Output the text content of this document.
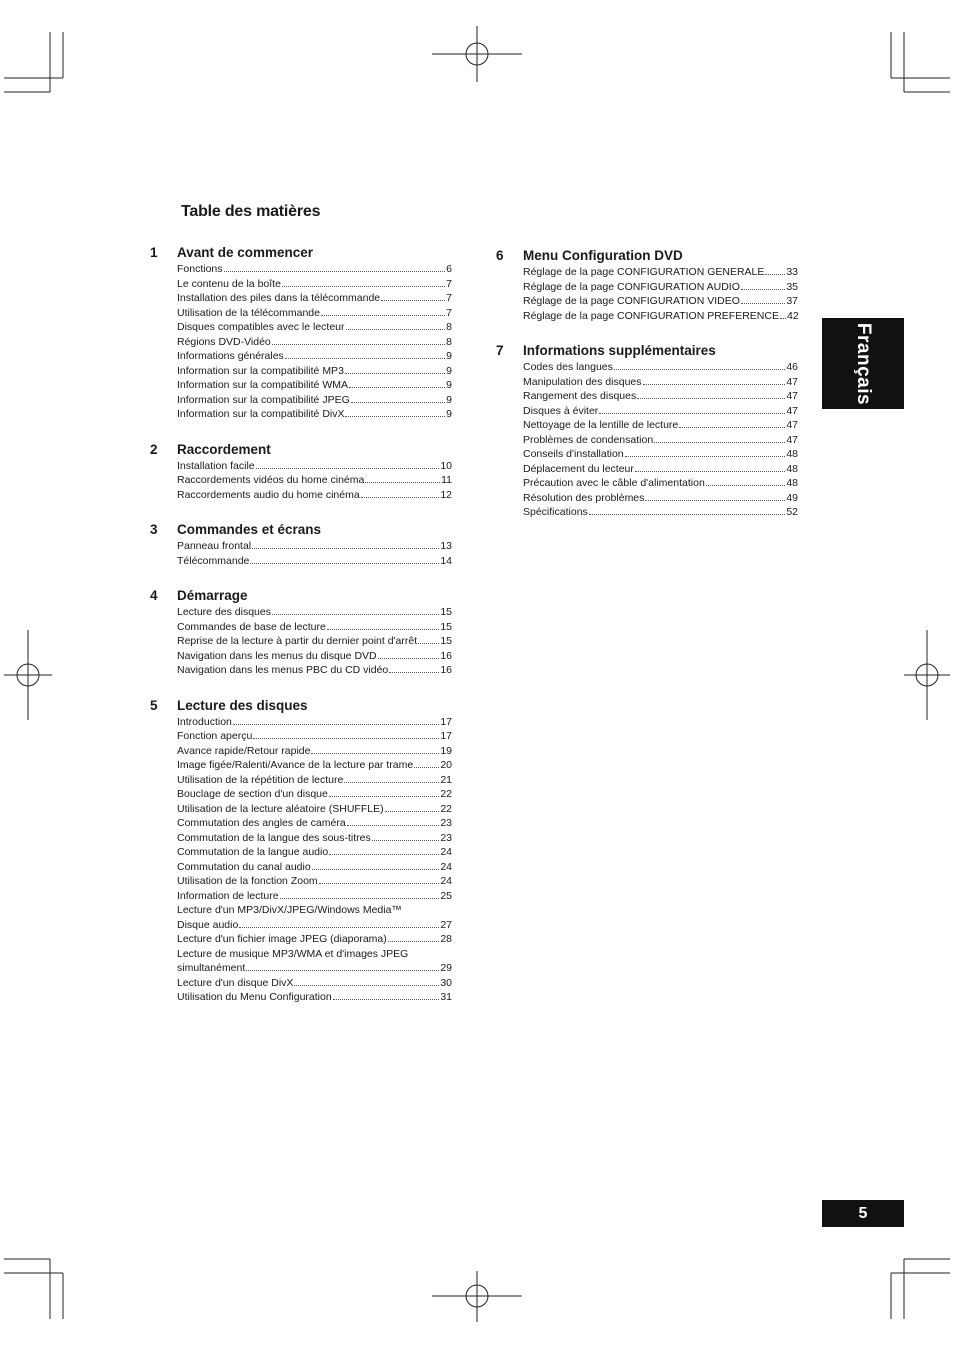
Table des matières
Français
5
1	Avant de commencer
Fonctions	6
Le contenu de la boîte	7
Installation des piles dans la télécommande	7
Utilisation de la télécommande	7
Disques compatibles avec le lecteur	8
Régions DVD-Vidéo	8
Informations générales	9
Information sur la compatibilité MP3	9
Information sur la compatibilité WMA	9
Information sur la compatibilité JPEG	9
Information sur la compatibilité DivX	9
2	Raccordement
Installation facile	10
Raccordements vidéos du home cinéma	11
Raccordements audio du home cinéma	12
3	Commandes et écrans
Panneau frontal	13
Télécommande	14
4	Démarrage
Lecture des disques	15
Commandes de base de lecture	15
Reprise de la lecture à partir du dernier point d'arrêt 15
Navigation dans les menus du disque DVD	16
Navigation dans les menus PBC du CD vidéo	16
5	Lecture des disques
Introduction	17
Fonction aperçu	17
Avance rapide/Retour rapide	19
Image figée/Ralenti/Avance de la lecture par trame	20
Utilisation de la répétition de lecture	21
Bouclage de section d'un disque	22
Utilisation de la lecture aléatoire (SHUFFLE)	22
Commutation des angles de caméra	23
Commutation de la langue des sous-titres	23
Commutation de la langue audio	24
Commutation du canal audio	24
Utilisation de la fonction Zoom	24
Information de lecture	25
Lecture d'un MP3/DivX/JPEG/Windows Media™
Disque audio	27
Lecture d'un fichier image JPEG (diaporama)	28
Lecture de musique MP3/WMA et d'images JPEG
simultanément	29
Lecture d'un disque DivX	30
Utilisation du Menu Configuration	31
6	Menu Configuration DVD
Réglage de la page CONFIGURATION GENERALE 33
Réglage de la page CONFIGURATION AUDIO	35
Réglage de la page CONFIGURATION VIDEO	37
Réglage de la page CONFIGURATION PREFERENCE 42
7	Informations supplémentaires
Codes des langues	46
Manipulation des disques	47
Rangement des disques	47
Disques à éviter	47
Nettoyage de la lentille de lecture	47
Problèmes de condensation	47
Conseils d'installation	48
Déplacement du lecteur	48
Précaution avec le câble d'alimentation	48
Résolution des problèmes.	49
Spécifications	52
